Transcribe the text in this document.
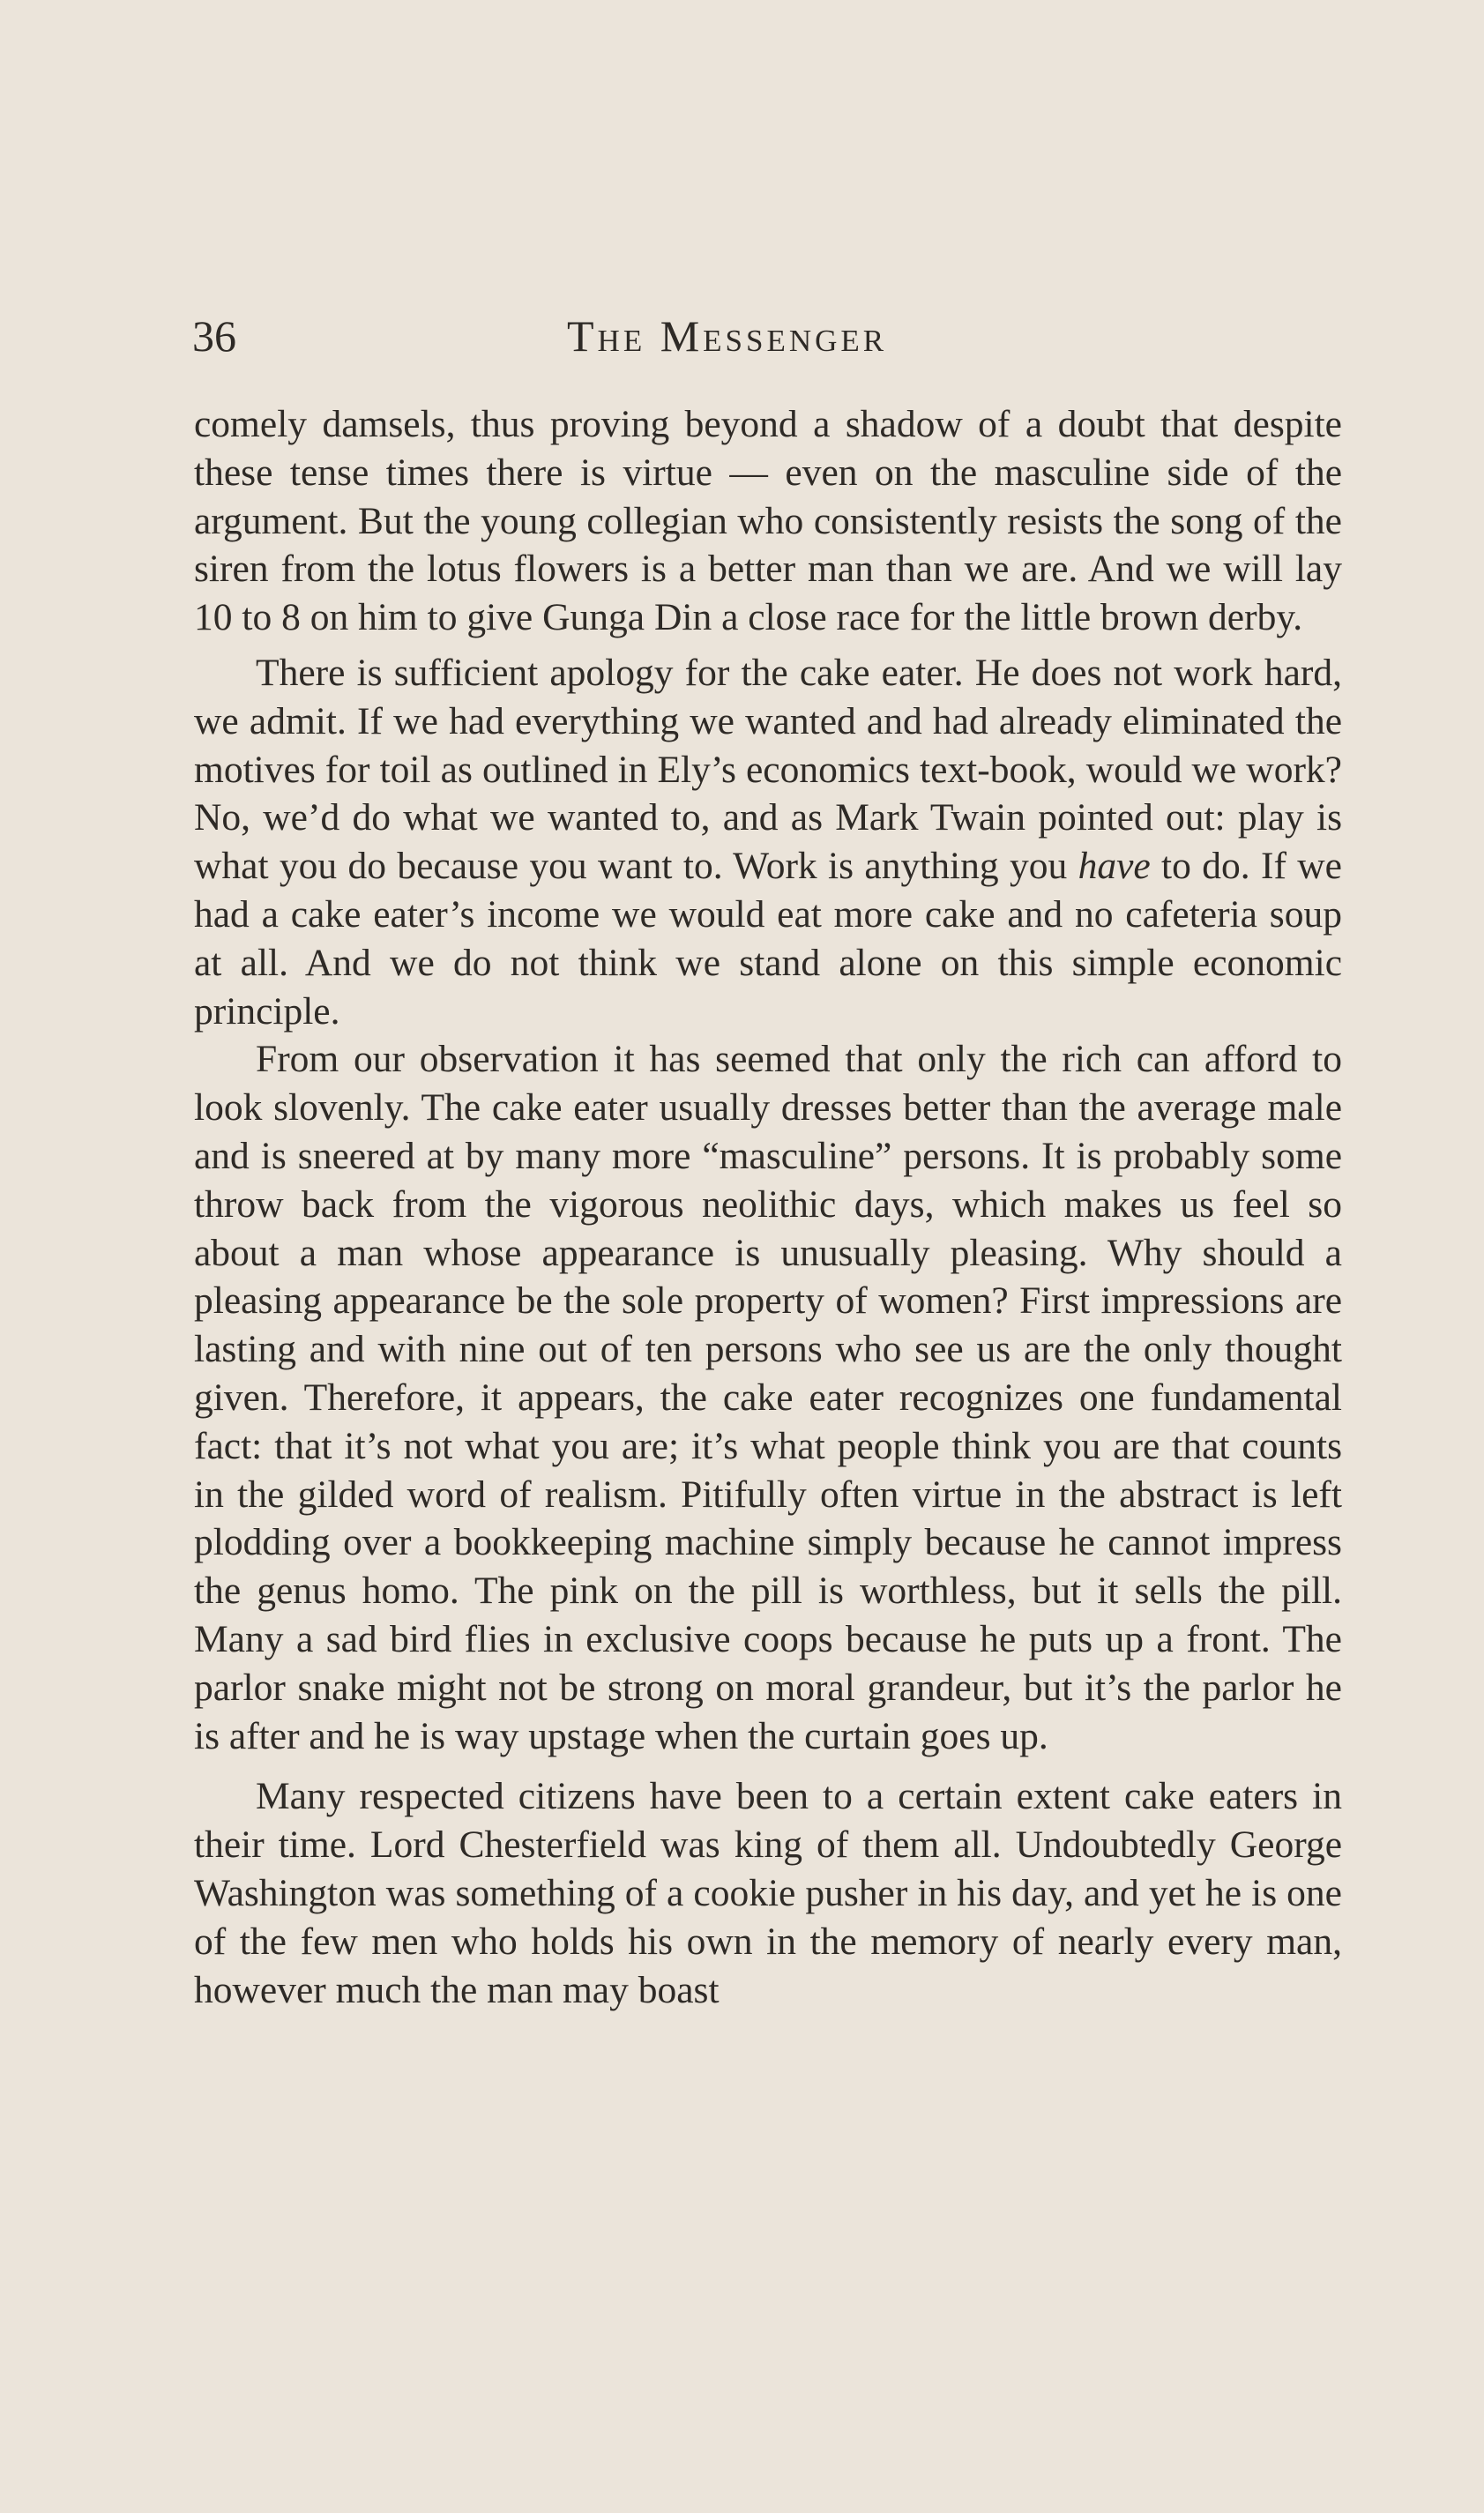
36	The Messenger

comely damsels, thus proving beyond a shadow of a doubt that despite these tense times there is virtue — even on the masculine side of the argument. But the young collegian who consistently resists the song of the siren from the lotus flowers is a better man than we are. And we will lay 10 to 8 on him to give Gunga Din a close race for the little brown derby.

There is sufficient apology for the cake eater. He does not work hard, we admit. If we had everything we wanted and had already eliminated the motives for toil as outlined in Ely’s economics text-book, would we work? No, we’d do what we wanted to, and as Mark Twain pointed out: play is what you do because you want to. Work is anything you have to do. If we had a cake eater’s income we would eat more cake and no cafeteria soup at all. And we do not think we stand alone on this simple economic principle.

From our observation it has seemed that only the rich can afford to look slovenly. The cake eater usually dresses better than the average male and is sneered at by many more “masculine” persons. It is probably some throw back from the vigorous neolithic days, which makes us feel so about a man whose appearance is unusually pleasing. Why should a pleasing appearance be the sole property of women? First impressions are lasting and with nine out of ten persons who see us are the only thought given. Therefore, it appears, the cake eater recognizes one fundamental fact: that it’s not what you are; it’s what people think you are that counts in the gilded word of realism. Pitifully often virtue in the abstract is left plodding over a bookkeeping machine simply because he cannot impress the genus homo. The pink on the pill is worthless, but it sells the pill. Many a sad bird flies in exclusive coops because he puts up a front. The parlor snake might not be strong on moral grandeur, but it’s the parlor he is after and he is way upstage when the curtain goes up.

Many respected citizens have been to a certain extent cake eaters in their time. Lord Chesterfield was king of them all. Undoubtedly George Washington was something of a cookie pusher in his day, and yet he is one of the few men who holds his own in the memory of nearly every man, however much the man may boast
